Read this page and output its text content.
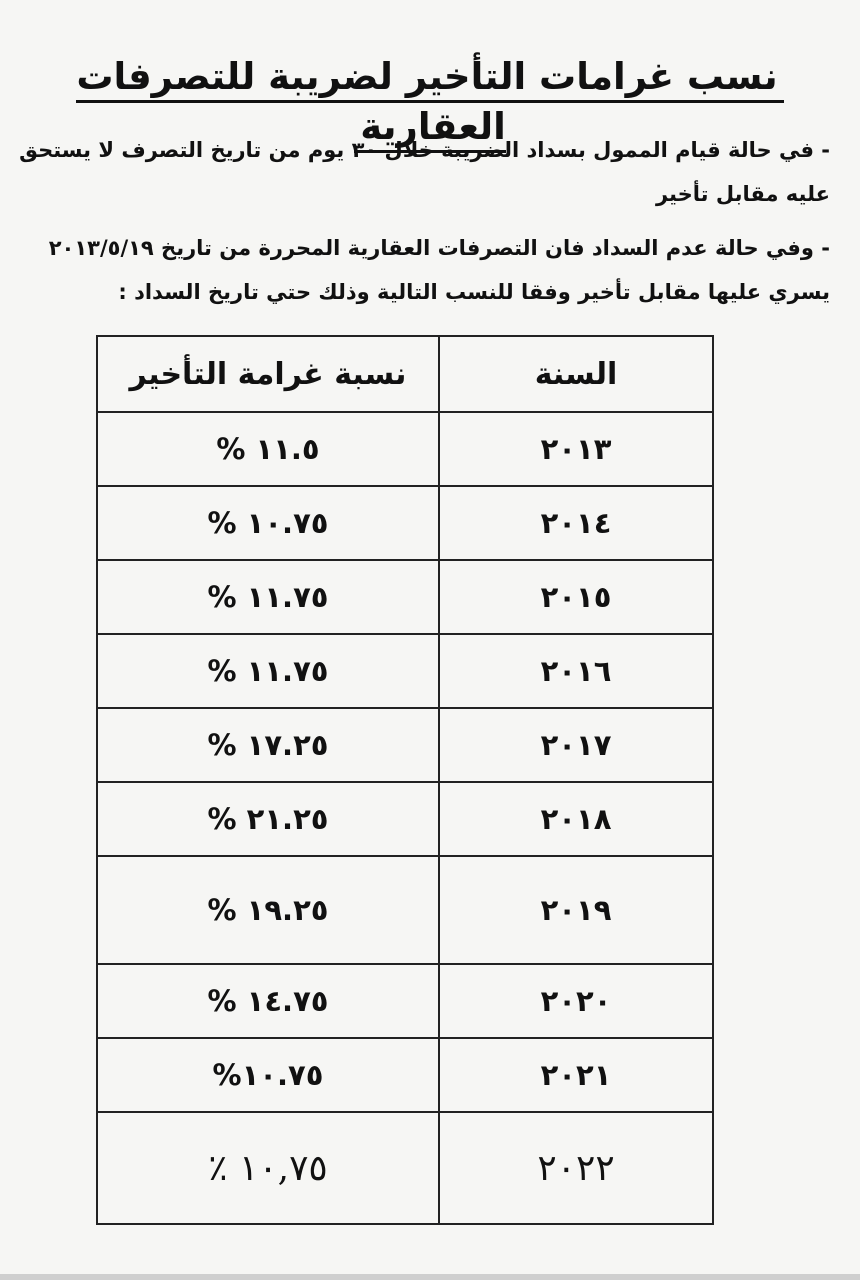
نسب غرامات التأخير لضريبة للتصرفات العقارية
- في حالة قيام الممول بسداد الضريبة خلال ٣٠ يوم من تاريخ التصرف لا يستحق
عليه مقابل تأخير
- وفي حالة عدم السداد فان التصرفات العقارية المحررة من تاريخ ٢٠١٣/٥/١٩
يسري عليها مقابل تأخير وفقا للنسب التالية وذلك حتي تاريخ السداد :
السنة	نسبة غرامة التأخير
٢٠١٣	١١.٥ %
٢٠١٤	١٠.٧٥ %
٢٠١٥	١١.٧٥ %
٢٠١٦	١١.٧٥ %
٢٠١٧	١٧.٢٥ %
٢٠١٨	٢١.٢٥ %
٢٠١٩	١٩.٢٥ %
٢٠٢٠	١٤.٧٥ %
٢٠٢١	١٠.٧٥%
٢٠٢٢	١٠,٧٥ ٪
